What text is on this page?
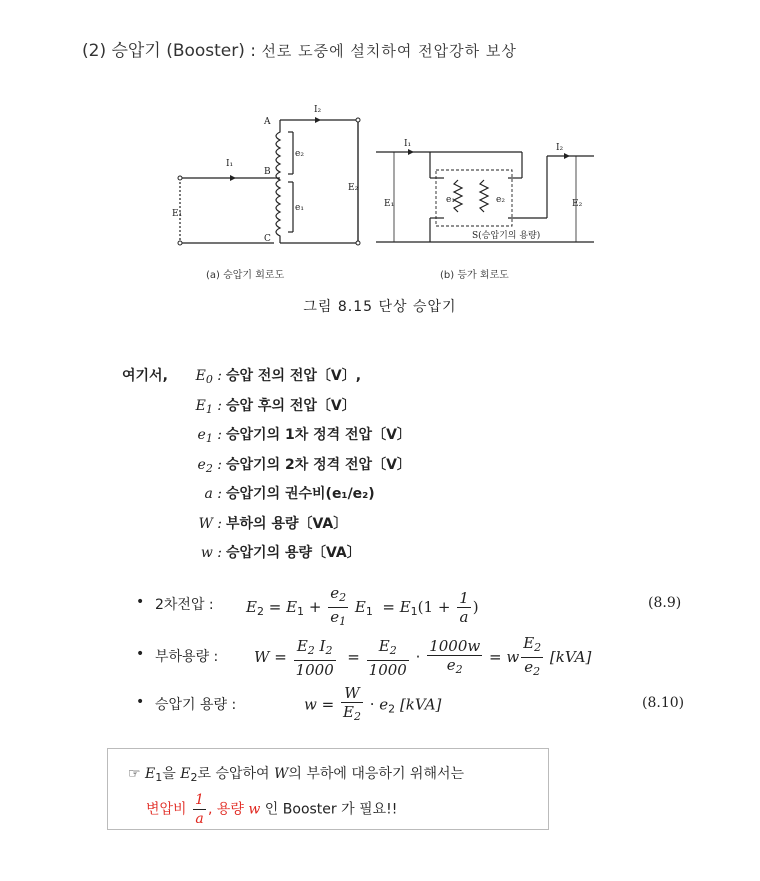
(2) 승압기 (Booster) : 선로 도중에 설치하여 전압강하 보상
A
B
C
I₁
I₂
E₁
E₂
e₂
e₁
I₁	I₂
E₁	E₂
e₁	e₂
S(승압기의 용량)
(a) 승압기 회로도	(b) 등가 회로도
그림 8.15 단상 승압기
여기서, $E_0$ : 승압 전의 전압〔V〕,
$E_1$ : 승압 후의 전압〔V〕
$e_1$ : 승압기의 1차 정격 전압〔V〕
$e_2$ : 승압기의 2차 정격 전압〔V〕
a : 승압기의 권수비(e₁/e₂)
W : 부하의 용량〔VA〕
w : 승압기의 용량〔VA〕
• 2차전압 : $E_2 = E_1 + \frac{e_2}{e_1} E_1 = E_1(1 + \frac{1}{a}$ )	(8.9)
• 부하용량 : $W = \frac{E_2 I_2}{1000} = \frac{E_2}{1000} \cdot \frac{1000w}{e_2} = w \frac{E_2}{e_2} [kVA]$
• 승압기 용량 :	$w = \frac{W}{E_2} \cdot e_2$ [kVA]	(8.10)
☞ $E_1$을 $E_2$로 승압하여 W의 부하에 대응하기 위해서는
변압비 $\frac{1}{a}$ , 용량 w 인 Booster 가 필요!!
